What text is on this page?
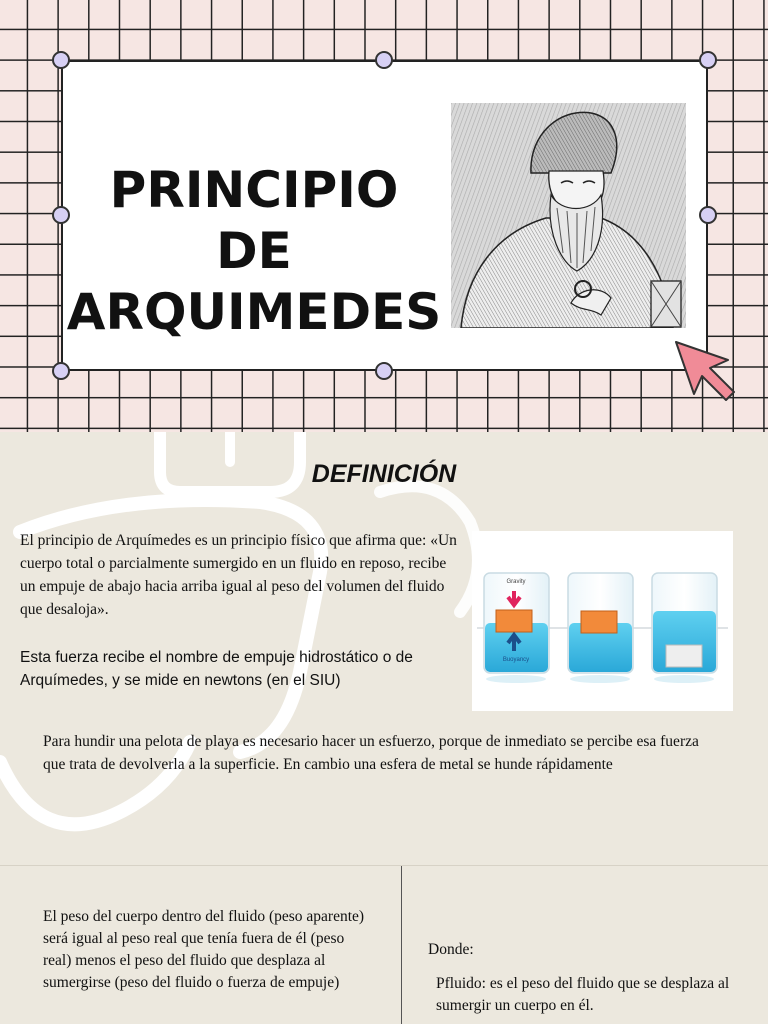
PRINCIPIO
DE
ARQUIMEDES
DEFINICIÓN

El principio de Arquímedes es un principio físico que afirma que: «Un cuerpo total o parcialmente sumergido en un fluido en reposo, recibe un empuje de abajo hacia arriba igual al peso del volumen del fluido que desaloja».

Esta fuerza recibe el nombre de empuje hidrostático o de Arquímedes, y se mide en newtons (en el SIU)

Gravity
Buoyancy

Para hundir una pelota de playa es necesario hacer un esfuerzo, porque de inmediato se percibe esa fuerza que trata de devolverla a la superficie. En cambio una esfera de metal se hunde rápidamente

El peso del cuerpo dentro del fluido (peso aparente) será igual al peso real que tenía fuera de él (peso real) menos el peso del fluido que desplaza al sumergirse (peso del fluido o fuerza de empuje)

Donde:

Pfluido: es el peso del fluido que se desplaza al sumergir un cuerpo en él.
